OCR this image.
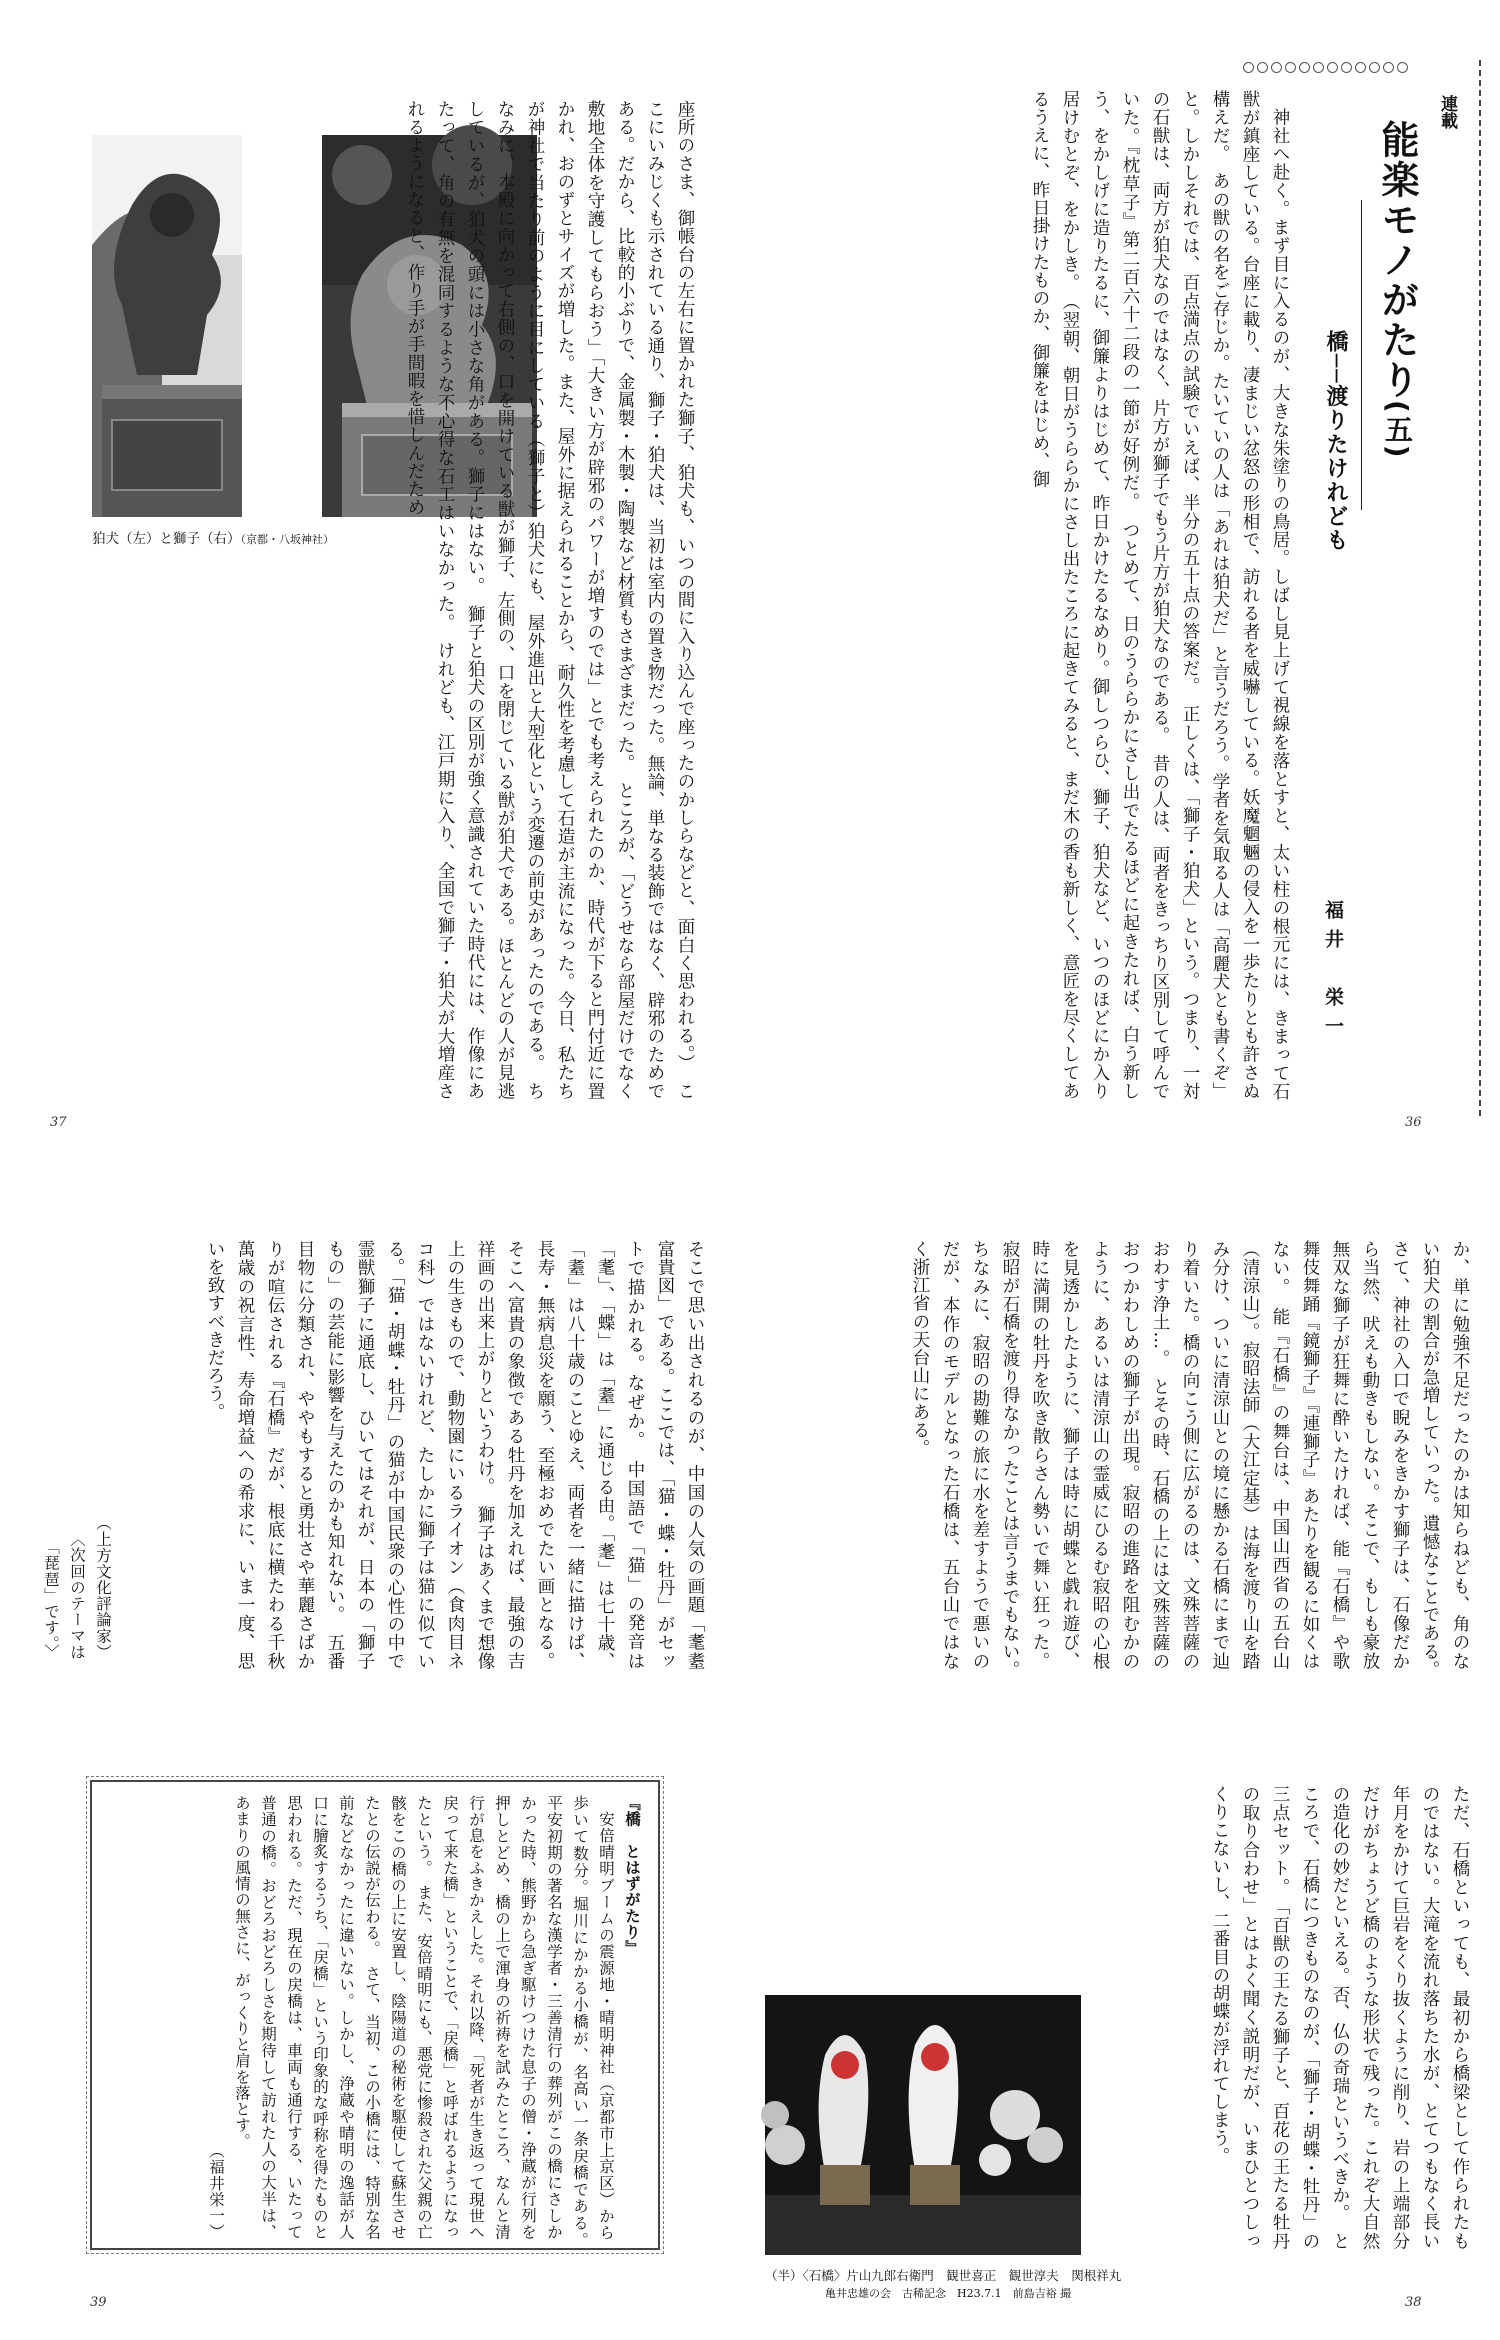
狛犬（左）と獅子（右）（京都・八坂神社）	座所のさま、御帳台の左右に置かれた獅子、狛犬も、いつの間に入り込んで座ったのかしらなどと、面白く思われる。）　ここにいみじくも示されている通り、獅子・狛犬は、当初は室内の置き物だった。無論、単なる装飾ではなく、辟邪のためである。だから、比較的小ぶりで、金属製・木製・陶製など材質もさまざまだった。　ところが、「どうせなら部屋だけでなく敷地全体を守護してもらおう」「大きい方が辟邪のパワーが増すのでは」とでも考えられたのか、時代が下ると門付近に置かれ、おのずとサイズが増した。また、屋外に据えられることから、耐久性を考慮して石造が主流になった。今日、私たちが神社で当たり前のように目にしている（獅子と）狛犬にも、屋外進出と大型化という変遷の前史があったのである。　ちなみに、本殿に向かって右側の、口を開けている獣が獅子、左側の、口を閉じている獣が狛犬である。ほとんどの人が見逃しているが、狛犬の頭には小さな角がある。獅子にはない。　獅子と狛犬の区別が強く意識されていた時代には、作像にあたって、角の有無を混同するような不心得な石工はいなかった。　けれども、江戸期に入り、全国で獅子・狛犬が大増産されるようになると、作り手が手間暇を惜しんだため

37
連載
能楽モノがたり(五)
橋──渡りたけれども
福井　栄一

神社へ赴く。まず目に入るのが、大きな朱塗りの鳥居。しばし見上げて視線を落とすと、太い柱の根元には、きまって石獣が鎮座している。台座に載り、凄まじい忿怒の形相で、訪れる者を威嚇している。妖魔魍魎の侵入を一歩たりとも許さぬ構えだ。　あの獣の名をご存じか。たいていの人は「あれは狛犬だ」と言うだろう。学者を気取る人は「高麗犬とも書くぞ」と。しかしそれでは、百点満点の試験でいえば、半分の五十点の答案だ。　正しくは、「獅子・狛犬」という。つまり、一対の石獣は、両方が狛犬なのではなく、片方が獅子でもう片方が狛犬なのである。　昔の人は、両者をきっちり区別して呼んでいた。『枕草子』第二百六十二段の一節が好例だ。　つとめて、日のうららかにさし出でたるほどに起きたれば、白う新しう、をかしげに造りたるに、御簾よりはじめて、昨日かけたるなめり。御しつらひ、獅子、狛犬など、いつのほどにか入り居けむとぞ、をかしき。　（翌朝、朝日がうららかにさし出たころに起きてみると、まだ木の香も新しく、意匠を尽くしてあるうえに、昨日掛けたものか、御簾をはじめ、御

36

そこで思い出されるのが、中国の人気の画題「耄耋富貴図」である。ここでは、「猫・蝶・牡丹」がセットで描かれる。なぜか。　中国語で「猫」の発音は「耄」、「蝶」は「耋」に通じる由。「耄」は七十歳、「耋」は八十歳のことゆえ、両者を一緒に描けば、長寿・無病息災を願う、至極おめでたい画となる。そこへ富貴の象徴である牡丹を加えれば、最強の吉祥画の出来上がりというわけ。　獅子はあくまで想像上の生きもので、動物園にいるライオン（食肉目ネコ科）ではないけれど、たしかに獅子は猫に似ている。「猫・胡蝶・牡丹」の猫が中国民衆の心性の中で霊獣獅子に通底し、ひいてはそれが、日本の「獅子もの」の芸能に影響を与えたのかも知れない。　五番目物に分類され、ややもすると勇壮さや華麗さばかりが喧伝される『石橋』だが、根底に横たわる千秋萬歳の祝言性、寿命増益への希求に、いま一度、思いを致すべきだろう。

（上方文化評論家）

〈次回のテーマは「琵琶」です。〉

『橋　とはずがたり』

安倍晴明ブームの震源地・晴明神社（京都市上京区）から歩いて数分。堀川にかかる小橋が、名高い一条戻橋である。　平安初期の著名な漢学者・三善清行の葬列がこの橋にさしかかった時、熊野から急ぎ駆けつけた息子の僧・浄蔵が行列を押しとどめ、橋の上で渾身の祈祷を試みたところ、なんと清行が息をふきかえした。それ以降、「死者が生き返って現世へ戻って来た橋」ということで、「戻橋」と呼ばれるようになったという。　また、安倍晴明にも、悪党に惨殺された父親の亡骸をこの橋の上に安置し、陰陽道の秘術を駆使して蘇生させたとの伝説が伝わる。　さて、当初、この小橋には、特別な名前などなかったに違いない。しかし、浄蔵や晴明の逸話が人口に膾炙するうち、「戻橋」という印象的な呼称を得たものと思われる。ただ、現在の戻橋は、車両も通行する、いたって普通の橋。おどろおどろしさを期待して訪れた人の大半は、あまりの風情の無さに、がっくりと肩を落とす。

（福井栄一）

39

か、単に勉強不足だったのかは知らねども、角のない狛犬の割合が急増していった。遺憾なことである。　さて、神社の入口で睨みをきかす獅子は、石像だから当然、吠えも動きもしない。そこで、もしも豪放無双な獅子が狂舞に酔いたければ、能『石橋』や歌舞伎舞踊『鏡獅子』『連獅子』あたりを観るに如くはない。　能『石橋』の舞台は、中国山西省の五台山（清涼山）。寂昭法師（大江定基）は海を渡り山を踏み分け、ついに清涼山との境に懸かる石橋にまで辿り着いた。橋の向こう側に広がるのは、文殊菩薩のおわす浄土…。　とその時、石橋の上には文殊菩薩のおつかわしめの獅子が出現。寂昭の進路を阻むかのように、あるいは清涼山の霊威にひるむ寂昭の心根を見透かしたように、獅子は時に胡蝶と戯れ遊び、時に満開の牡丹を吹き散らさん勢いで舞い狂った。寂昭が石橋を渡り得なかったことは言うまでもない。　ちなみに、寂昭の勘難の旅に水を差すようで悪いのだが、本作のモデルとなった石橋は、五台山ではなく浙江省の天台山にある。

ただ、石橋といっても、最初から橋梁として作られたものではない。大滝を流れ落ちた水が、とてつもなく長い年月をかけて巨岩をくり抜くように削り、岩の上端部分だけがちょうど橋のような形状で残った。これぞ大自然の造化の妙だといえる。否、仏の奇瑞というべきか。　ところで、石橋につきものなのが、「獅子・胡蝶・牡丹」の三点セット。　「百獣の王たる獅子と、百花の王たる牡丹の取り合わせ」とはよく聞く説明だが、いまひとつしっくりこないし、二番目の胡蝶が浮れてしまう。

（半）〈石橋〉片山九郎右衛門　観世喜正　観世淳夫　関根祥丸
亀井忠雄の会　古稀記念　H23.7.1　前島吉裕 撮
38
